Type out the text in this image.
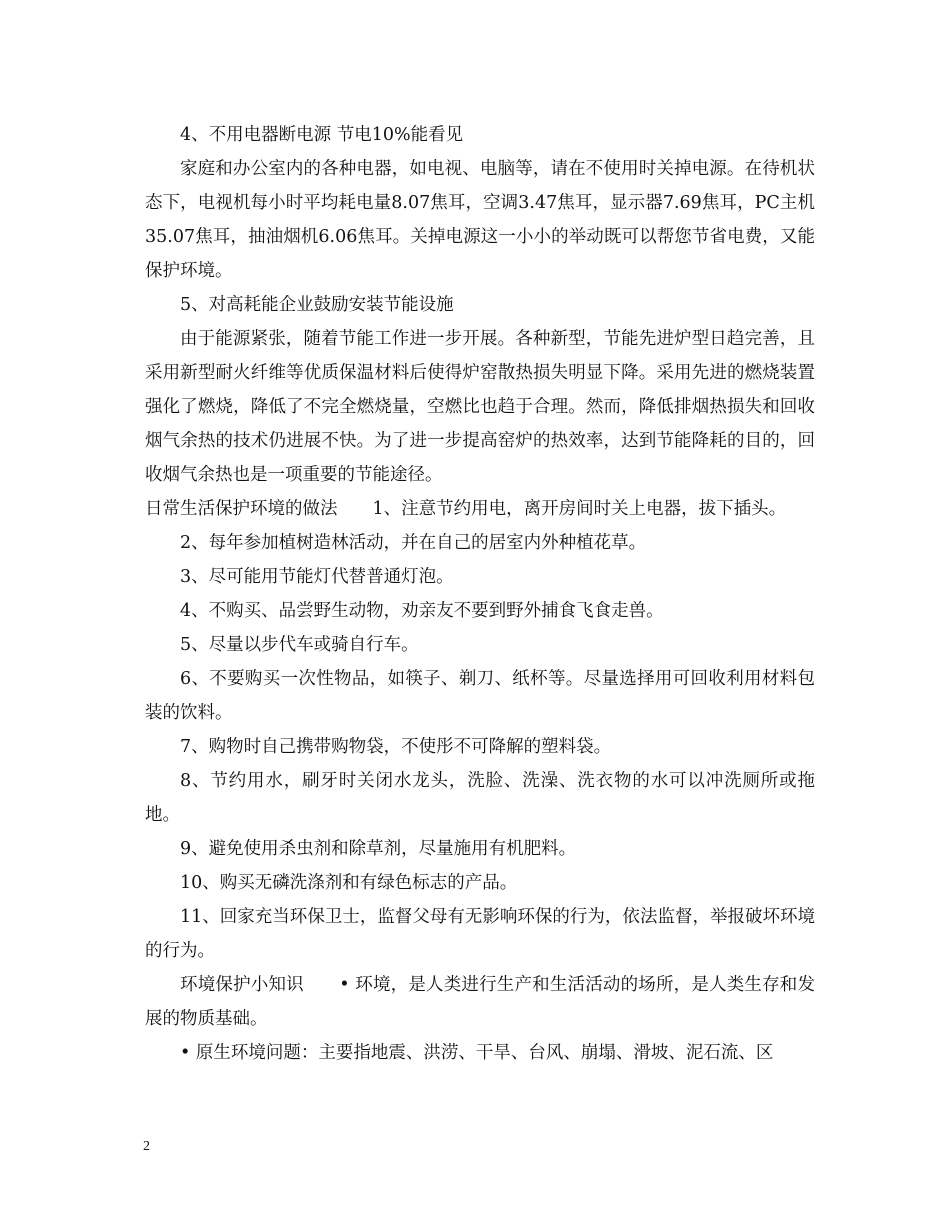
4、不用电器断电源 节电10%能看见

家庭和办公室内的各种电器，如电视、电脑等，请在不使用时关掉电源。在待机状态下，电视机每小时平均耗电量8.07焦耳，空调3.47焦耳，显示器7.69焦耳，PC主机35.07焦耳，抽油烟机6.06焦耳。关掉电源这一小小的举动既可以帮您节省电费，又能保护环境。

5、对高耗能企业鼓励安装节能设施

由于能源紧张，随着节能工作进一步开展。各种新型，节能先进炉型日趋完善，且采用新型耐火纤维等优质保温材料后使得炉窑散热损失明显下降。采用先进的燃烧装置强化了燃烧，降低了不完全燃烧量，空燃比也趋于合理。然而，降低排烟热损失和回收烟气余热的技术仍进展不快。为了进一步提高窑炉的热效率，达到节能降耗的目的，回收烟气余热也是一项重要的节能途径。

日常生活保护环境的做法　　1、注意节约用电，离开房间时关上电器，拔下插头。

2、每年参加植树造林活动，并在自己的居室内外种植花草。

3、尽可能用节能灯代替普通灯泡。

4、不购买、品尝野生动物，劝亲友不要到野外捕食飞食走兽。

5、尽量以步代车或骑自行车。

6、不要购买一次性物品，如筷子、剃刀、纸杯等。尽量选择用可回收利用材料包装的饮料。

7、购物时自己携带购物袋，不使彤不可降解的塑料袋。

8、节约用水，刷牙时关闭水龙头，洗脸、洗澡、洗衣物的水可以冲洗厕所或拖地。

9、避免使用杀虫剂和除草剂，尽量施用有机肥料。

10、购买无磷洗涤剂和有绿色标志的产品。

11、回家充当环保卫士，监督父母有无影响环保的行为，依法监督，举报破坏环境的行为。

环境保护小知识　　• 环境，是人类进行生产和生活活动的场所，是人类生存和发展的物质基础。

• 原生环境问题：主要指地震、洪涝、干旱、台风、崩塌、滑坡、泥石流、区

2
